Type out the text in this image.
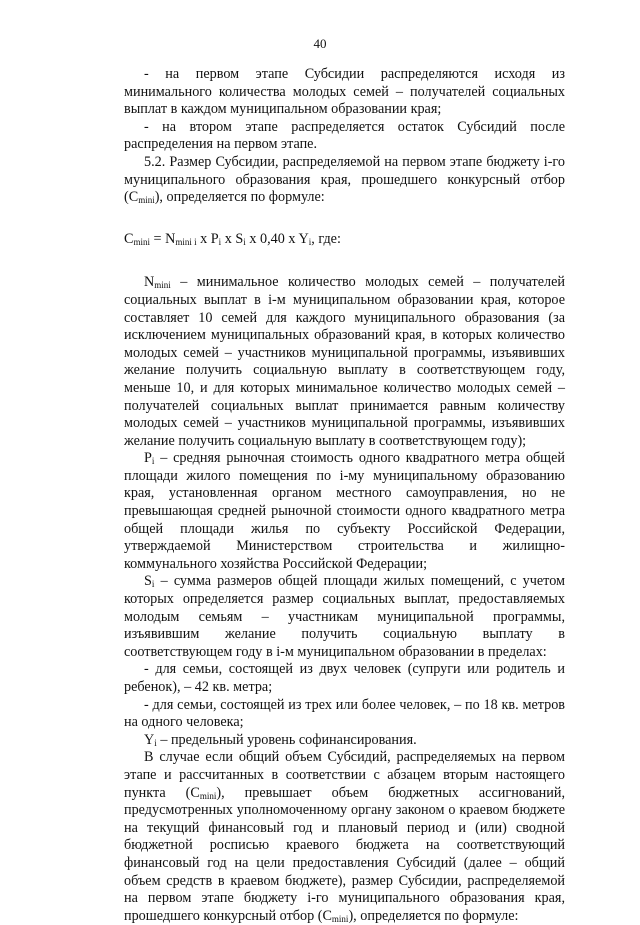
40

- на первом этапе Субсидии распределяются исходя из минимального количества молодых семей – получателей социальных выплат в каждом муниципальном образовании края;

- на втором этапе распределяется остаток Субсидий после распределения на первом этапе.

5.2. Размер Субсидии, распределяемой на первом этапе бюджету i-го муниципального образования края, прошедшего конкурсный отбор $(C_{mini})$, определяется по формуле:

$C_{mini} = N_{mini i}$ x $P_i$ x $S_i$ x 0,40 x $Y_i$, где:

$N_{mini}$ – минимальное количество молодых семей – получателей социальных выплат в i-м муниципальном образовании края, которое составляет 10 семей для каждого муниципального образования (за исключением муниципальных образований края, в которых количество молодых семей – участников муниципальной программы, изъявивших желание получить социальную выплату в соответствующем году, меньше 10, и для которых минимальное количество молодых семей – получателей социальных выплат принимается равным количеству молодых семей – участников муниципальной программы, изъявивших желание получить социальную выплату в соответствующем году);

$P_i$ – средняя рыночная стоимость одного квадратного метра общей площади жилого помещения по i-му муниципальному образованию края, установленная органом местного самоуправления, но не превышающая средней рыночной стоимости одного квадратного метра общей площади жилья по субъекту Российской Федерации, утверждаемой Министерством строительства и жилищно-коммунального хозяйства Российской Федерации;

$S_i$ – сумма размеров общей площади жилых помещений, с учетом которых определяется размер социальных выплат, предоставляемых молодым семьям – участникам муниципальной программы, изъявившим желание получить социальную выплату в соответствующем году в i-м муниципальном образовании в пределах:

- для семьи, состоящей из двух человек (супруги или родитель и ребенок), – 42 кв. метра;

- для семьи, состоящей из трех или более человек, – по 18 кв. метров на одного человека;

$Y_i$ – предельный уровень софинансирования.

В случае если общий объем Субсидий, распределяемых на первом этапе и рассчитанных в соответствии с абзацем вторым настоящего пункта $(C_{mini})$, превышает объем бюджетных ассигнований, предусмотренных уполномоченному органу законом о краевом бюджете на текущий финансовый год и плановый период и (или) сводной бюджетной росписью краевого бюджета на соответствующий финансовый год на цели предоставления Субсидий (далее – общий объем средств в краевом бюджете), размер Субсидии, распределяемой на первом этапе бюджету i-го муниципального образования края, прошедшего конкурсный отбор $(C_{mini})$, определяется по формуле:
